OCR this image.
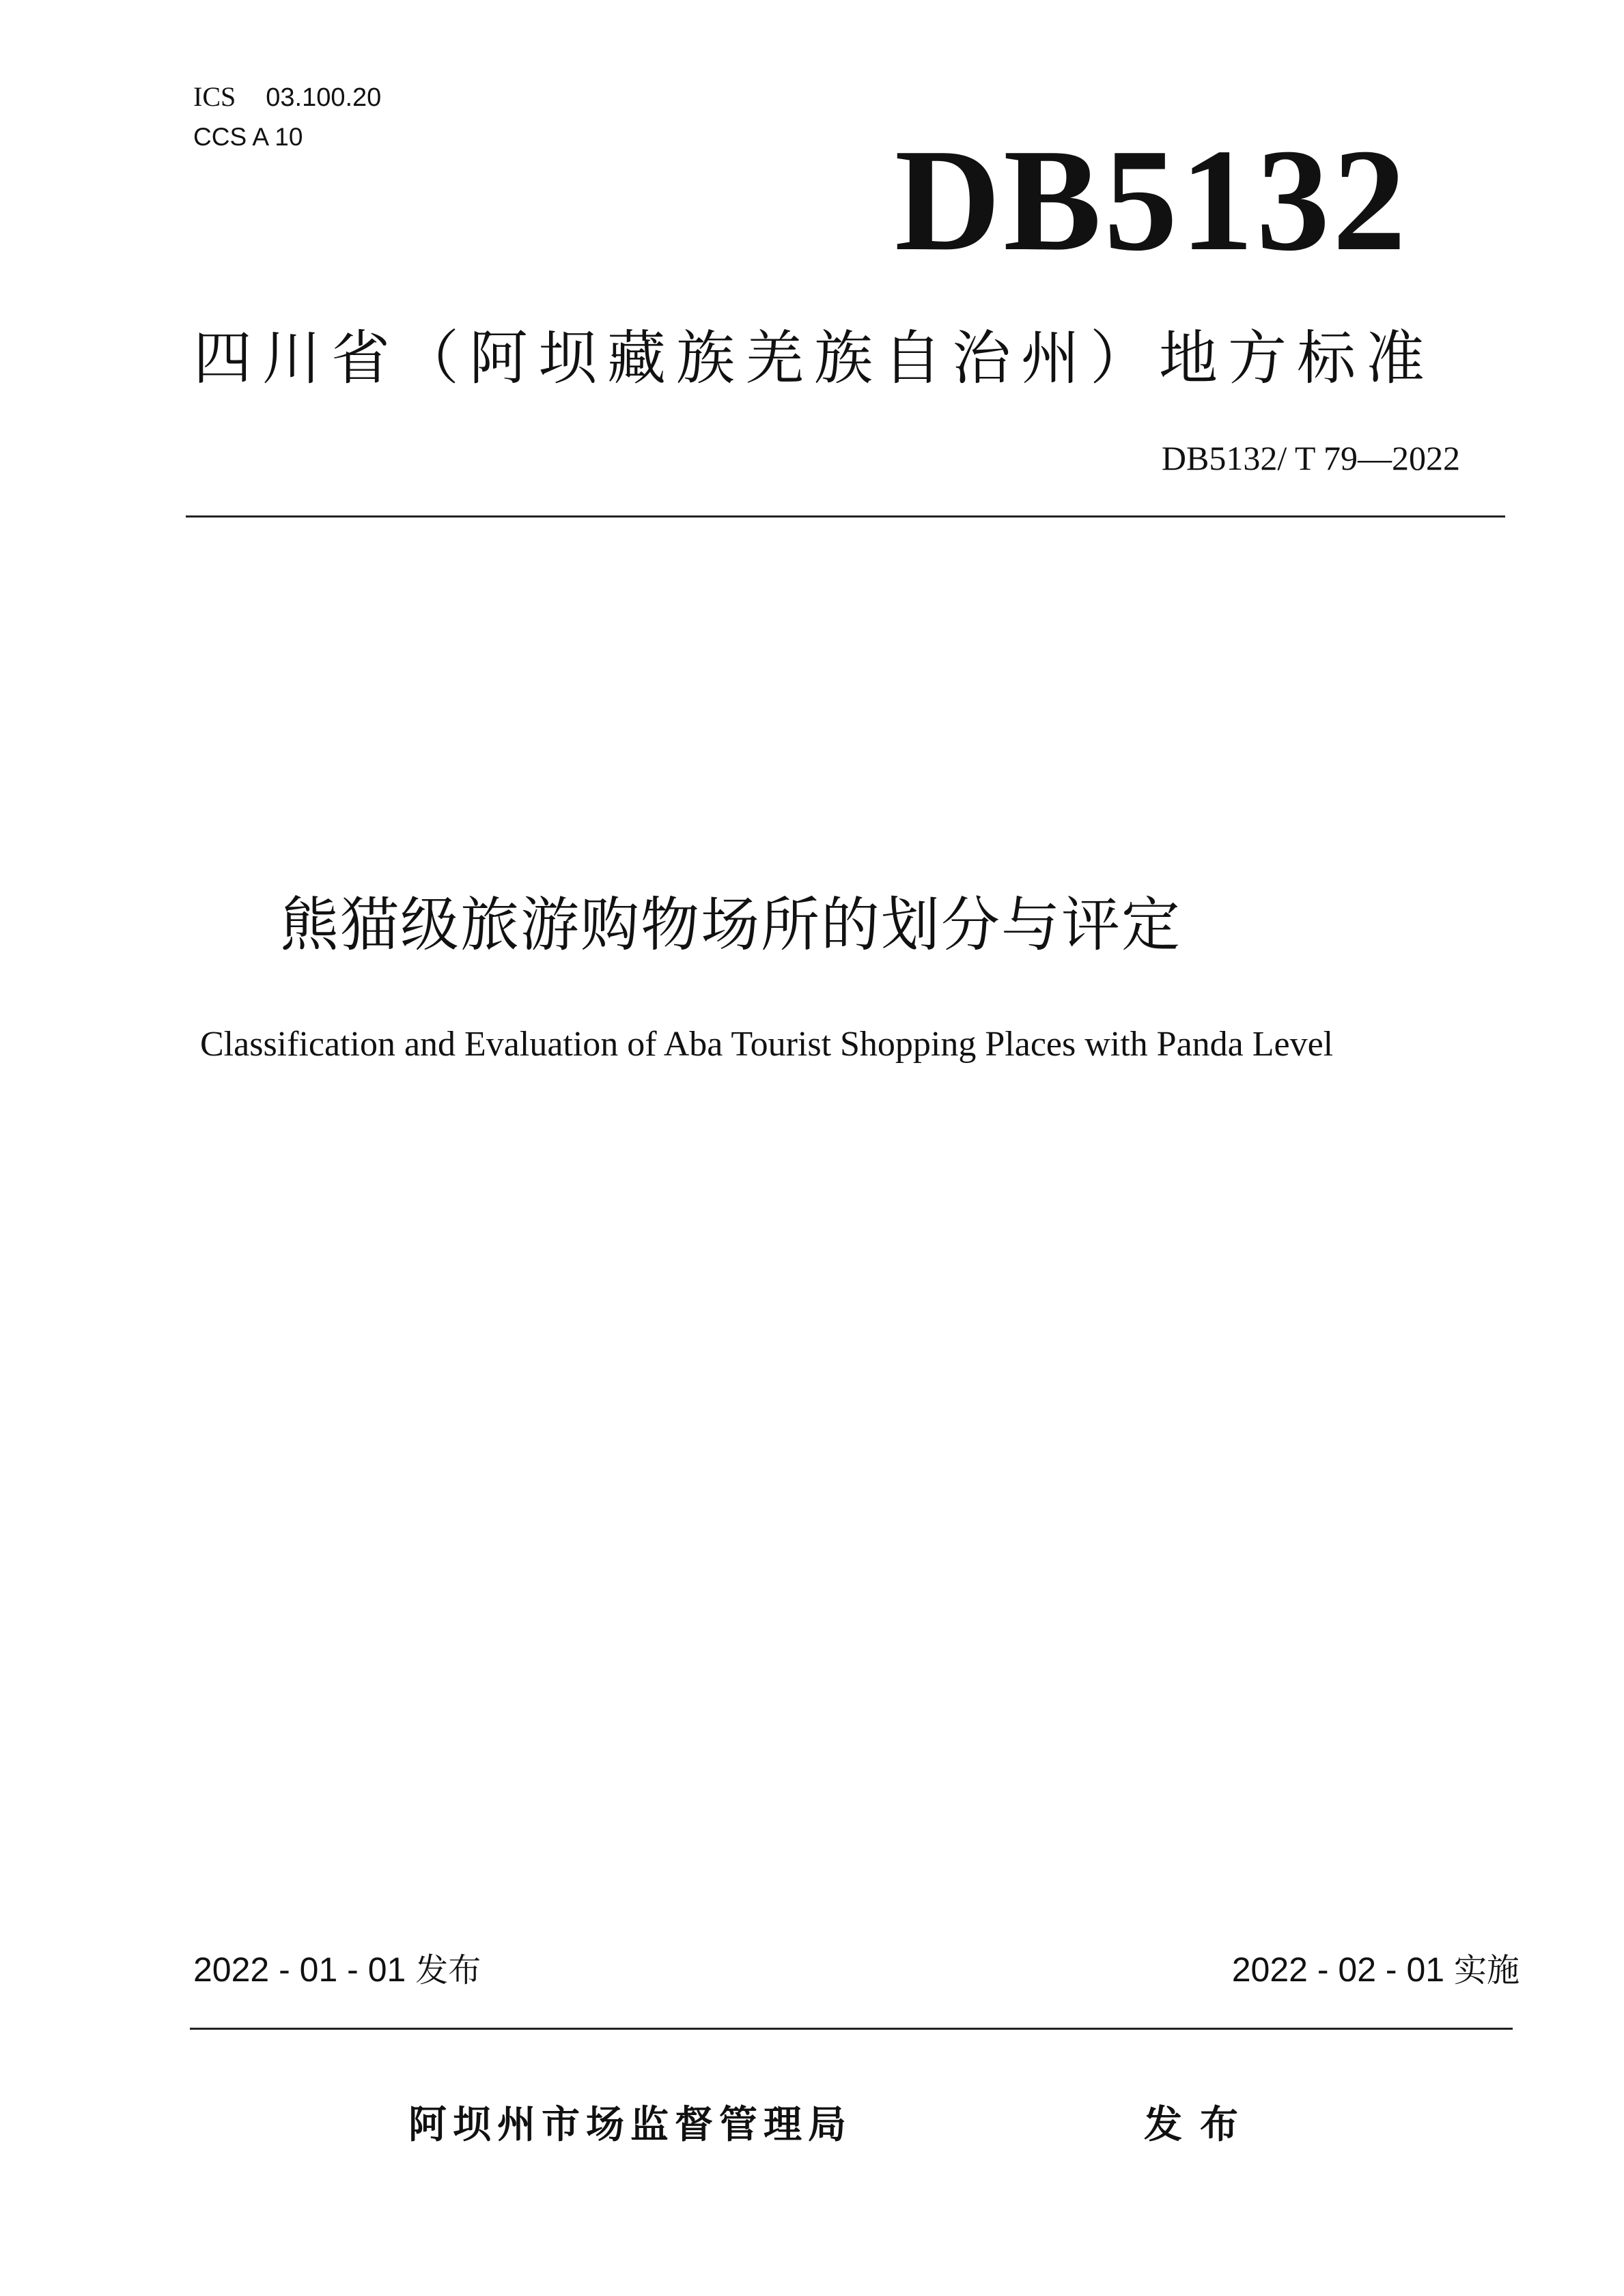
ICS 03.100.20
CCS A 10	DB5132
四川省（阿坝藏族羌族自治州）地方标准
DB5132/ T 79—2022
熊猫级旅游购物场所的划分与评定
Classification and Evaluation of Aba Tourist Shopping Places with Panda Level
2022 - 01 - 01 发布	2022 - 02 - 01 实施
阿坝州市场监督管理局	发布
